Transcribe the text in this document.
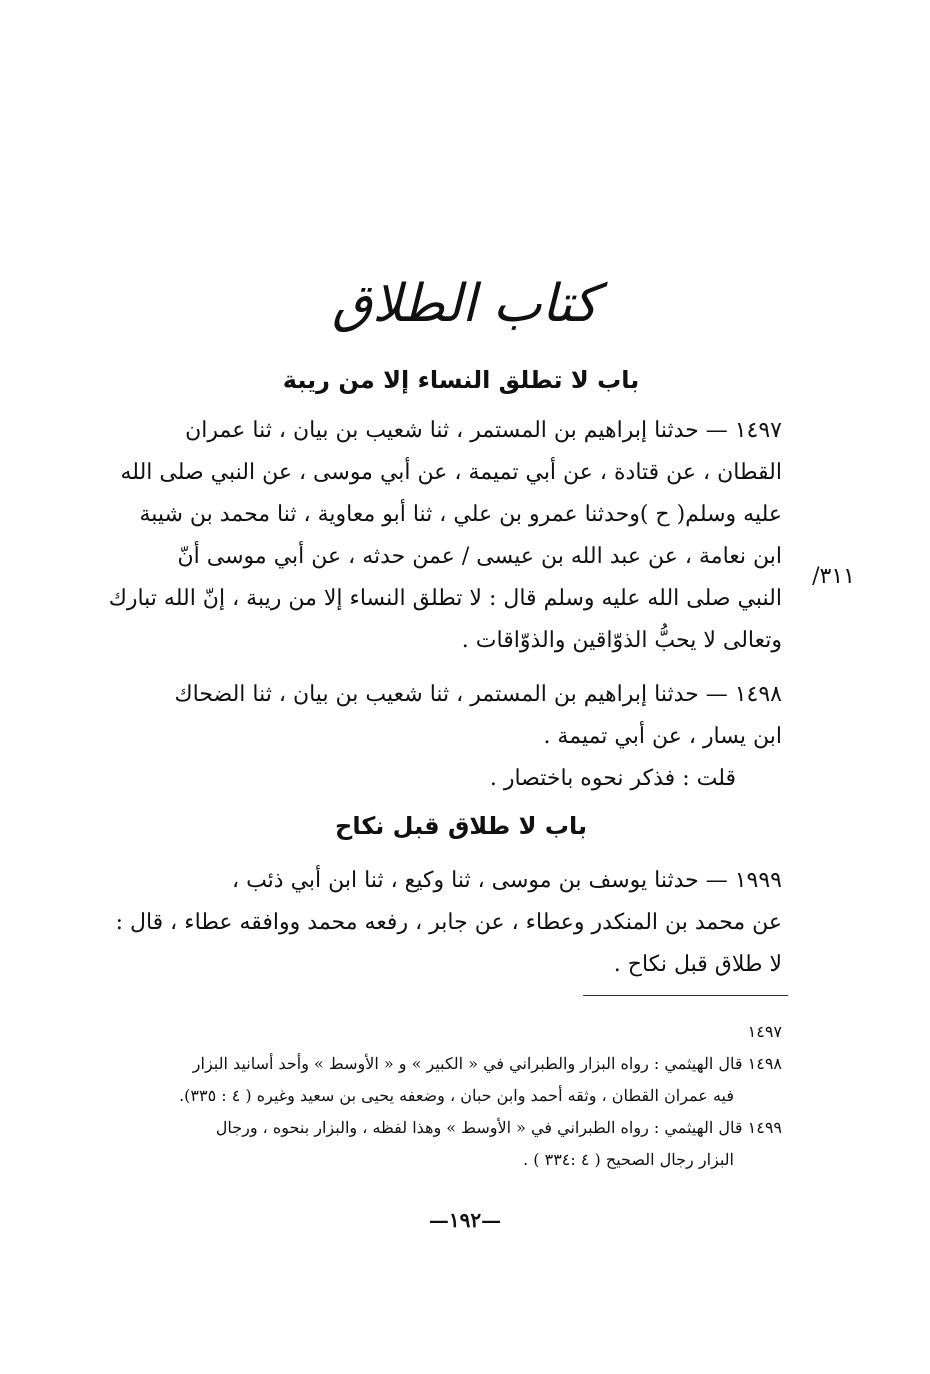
كتاب الطلاق
باب لا تطلق النساء إلا من ريبة
١٤٩٧ — حدثنا إبراهيم بن المستمر ، ثنا شعيب بن بيان ، ثنا عمران
القطان ، عن قتادة ، عن أبي تميمة ، عن أبي موسى ، عن النبي صلى الله
عليه وسلم( ح )وحدثنا عمرو بن علي ، ثنا أبو معاوية ، ثنا محمد بن شيبة
ابن نعامة ، عن عبد الله بن عيسى / عمن حدثه ، عن أبي موسى أنّ
النبي صلى الله عليه وسلم قال : لا تطلق النساء إلا من ريبة ، إنّ الله تبارك
وتعالى لا يحبُّ الذوّاقين والذوّاقات .
٣١١/
١٤٩٨ — حدثنا إبراهيم بن المستمر ، ثنا شعيب بن بيان ، ثنا الضحاك
ابن يسار ، عن أبي تميمة .
قلت : فذكر نحوه باختصار .
باب لا طلاق قبل نكاح
١٩٩٩ — حدثنا يوسف بن موسى ، ثنا وكيع ، ثنا ابن أبي ذئب ،
عن محمد بن المنكدر وعطاء ، عن جابر ، رفعه محمد ووافقه عطاء ، قال :
لا طلاق قبل نكاح .
١٤٩٧
١٤٩٨ قال الهيثمي : رواه البزار والطبراني في « الكبير » و « الأوسط » وأحد أسانيد البزار
فيه عمران القطان ، وثقه أحمد وابن حبان ، وضعفه يحيى بن سعيد وغيره ( ٤ : ٣٣٥).
١٤٩٩ قال الهيثمي : رواه الطبراني في « الأوسط » وهذا لفظه ، والبزار بنحوه ، ورجال
البزار رجال الصحيح ( ٤ :٣٣٤ ) .
—١٩٢—
